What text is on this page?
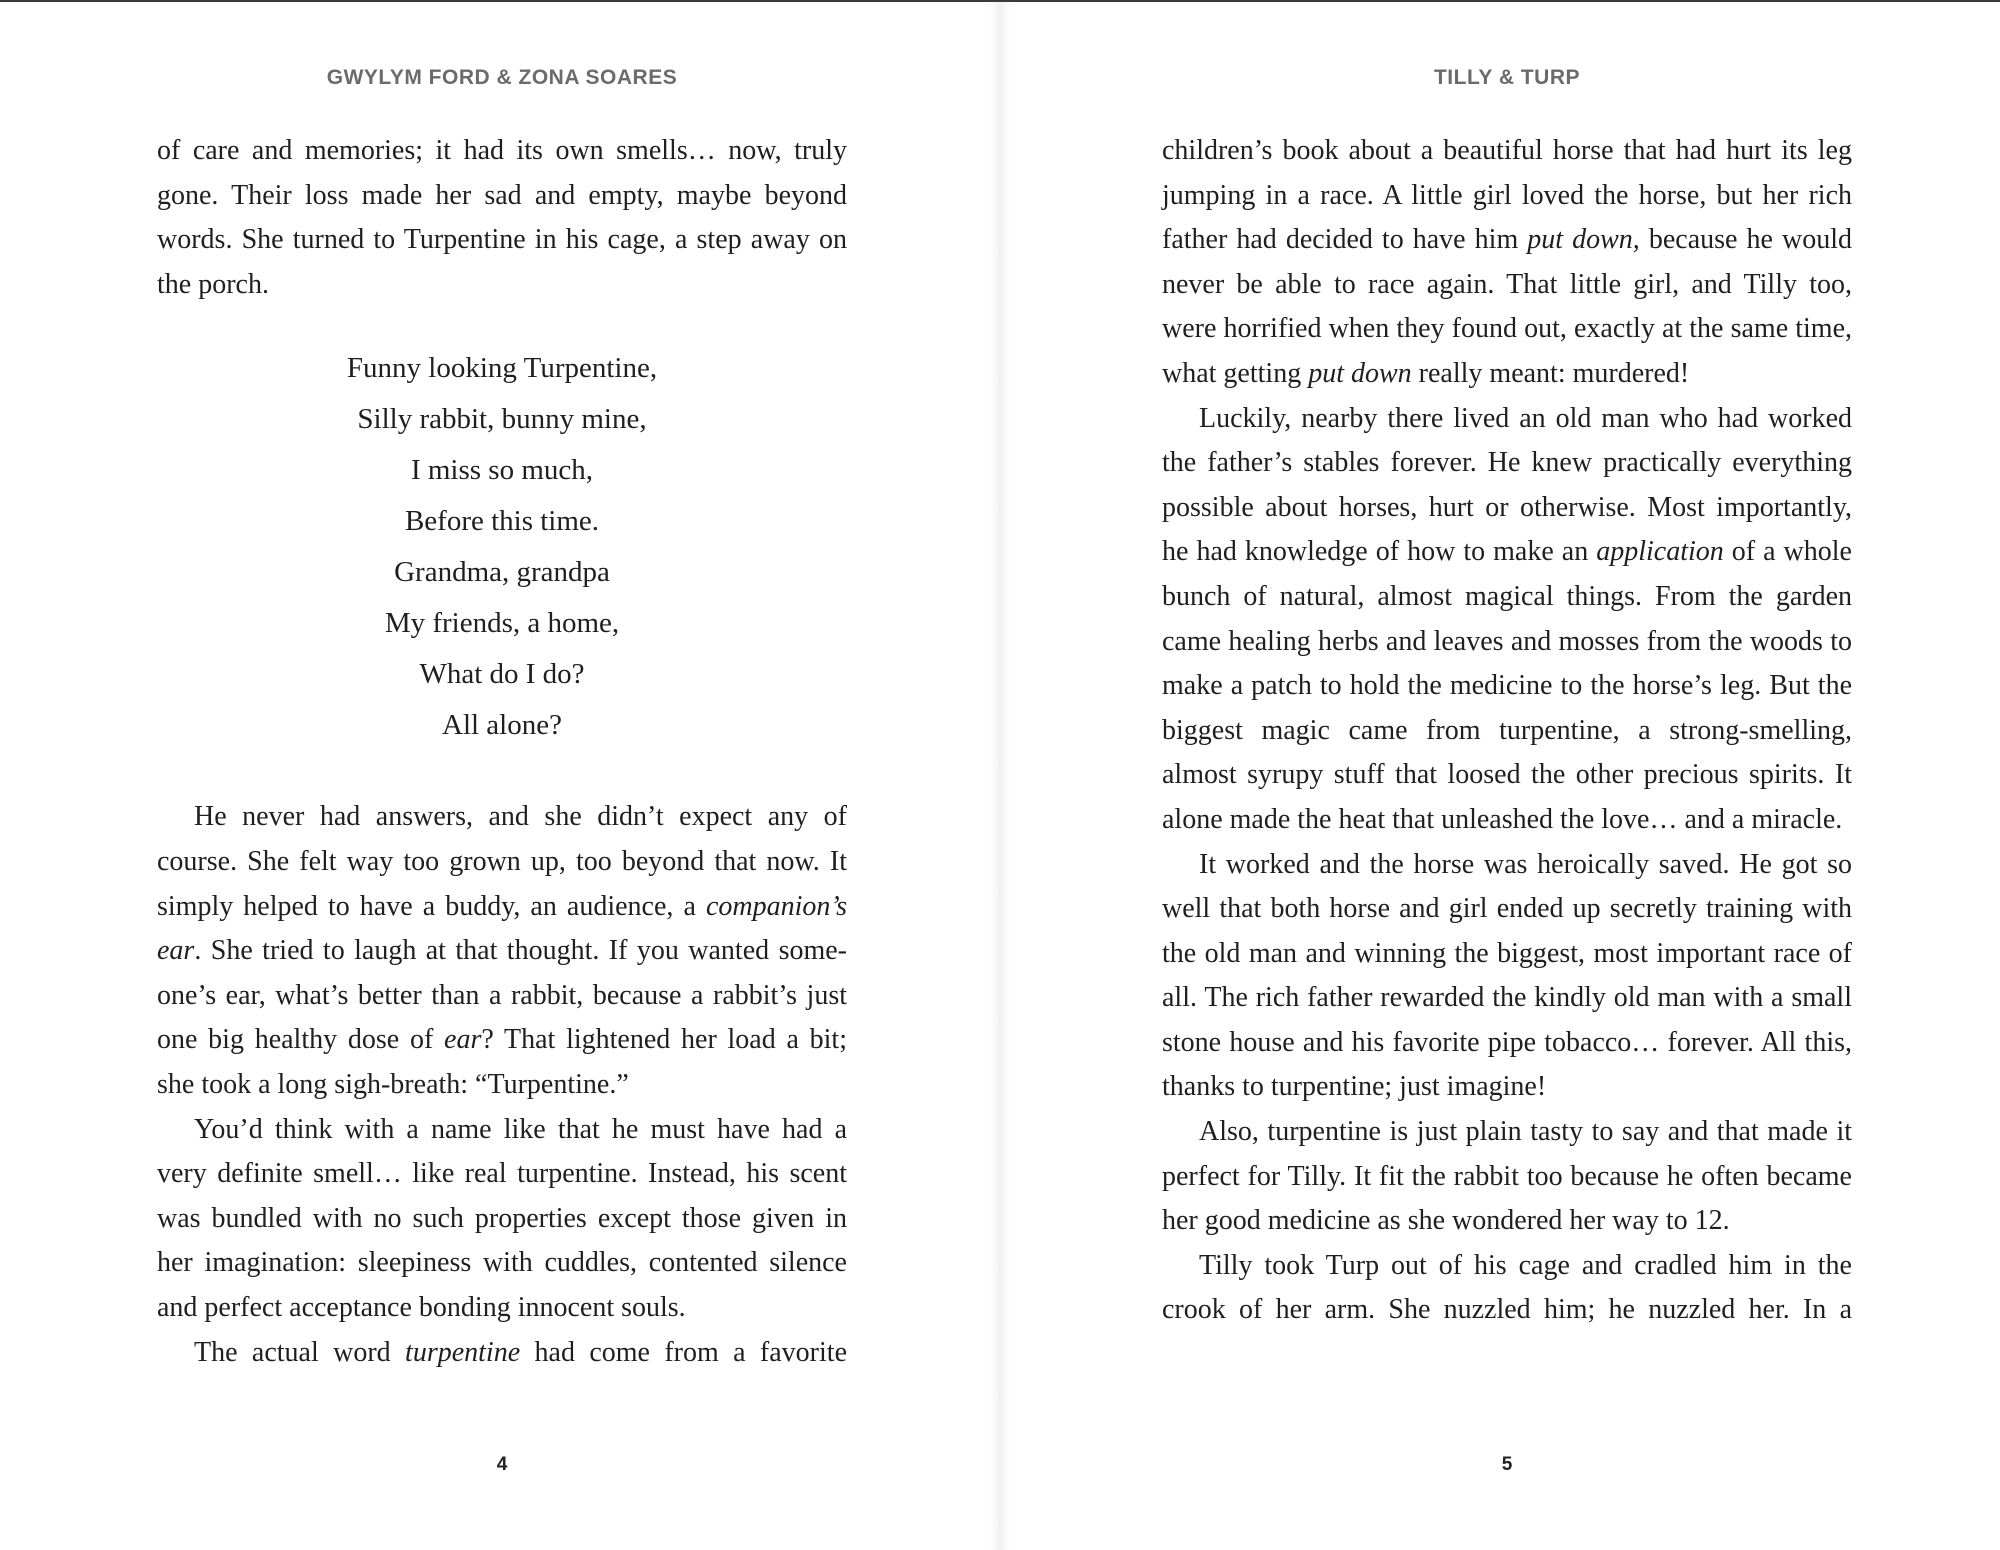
GWYLYM FORD & ZONA SOARES

of care and memories; it had its own smells… now, truly gone. Their loss made her sad and empty, maybe beyond words. She turned to Turpentine in his cage, a step away on the porch.

Funny looking Turpentine,
Silly rabbit, bunny mine,
I miss so much,
Before this time.
Grandma, grandpa
My friends, a home,
What do I do?
All alone?

He never had answers, and she didn’t expect any of course. She felt way too grown up, too beyond that now. It simply helped to have a buddy, an audience, a companion’s ear. She tried to laugh at that thought. If you wanted someone’s ear, what’s better than a rabbit, because a rabbit’s just one big healthy dose of ear? That lightened her load a bit; she took a long sigh-breath: “Turpentine.”

You’d think with a name like that he must have had a very definite smell… like real turpentine. Instead, his scent was bundled with no such properties except those given in her imagination: sleepiness with cuddles, contented silence and perfect acceptance bonding innocent souls.

The actual word turpentine had come from a favorite

4
TILLY & TURP

children’s book about a beautiful horse that had hurt its leg jumping in a race. A little girl loved the horse, but her rich father had decided to have him put down, because he would never be able to race again. That little girl, and Tilly too, were horrified when they found out, exactly at the same time, what getting put down really meant: murdered!

Luckily, nearby there lived an old man who had worked the father’s stables forever. He knew practically everything possible about horses, hurt or otherwise. Most importantly, he had knowledge of how to make an application of a whole bunch of natural, almost magical things. From the garden came healing herbs and leaves and mosses from the woods to make a patch to hold the medicine to the horse’s leg. But the biggest magic came from turpentine, a strong-smelling, almost syrupy stuff that loosed the other precious spirits. It alone made the heat that unleashed the love… and a miracle.

It worked and the horse was heroically saved. He got so well that both horse and girl ended up secretly training with the old man and winning the biggest, most important race of all. The rich father rewarded the kindly old man with a small stone house and his favorite pipe tobacco… forever. All this, thanks to turpentine; just imagine!

Also, turpentine is just plain tasty to say and that made it perfect for Tilly. It fit the rabbit too because he often became her good medicine as she wondered her way to 12.

Tilly took Turp out of his cage and cradled him in the crook of her arm. She nuzzled him; he nuzzled her. In a

5
